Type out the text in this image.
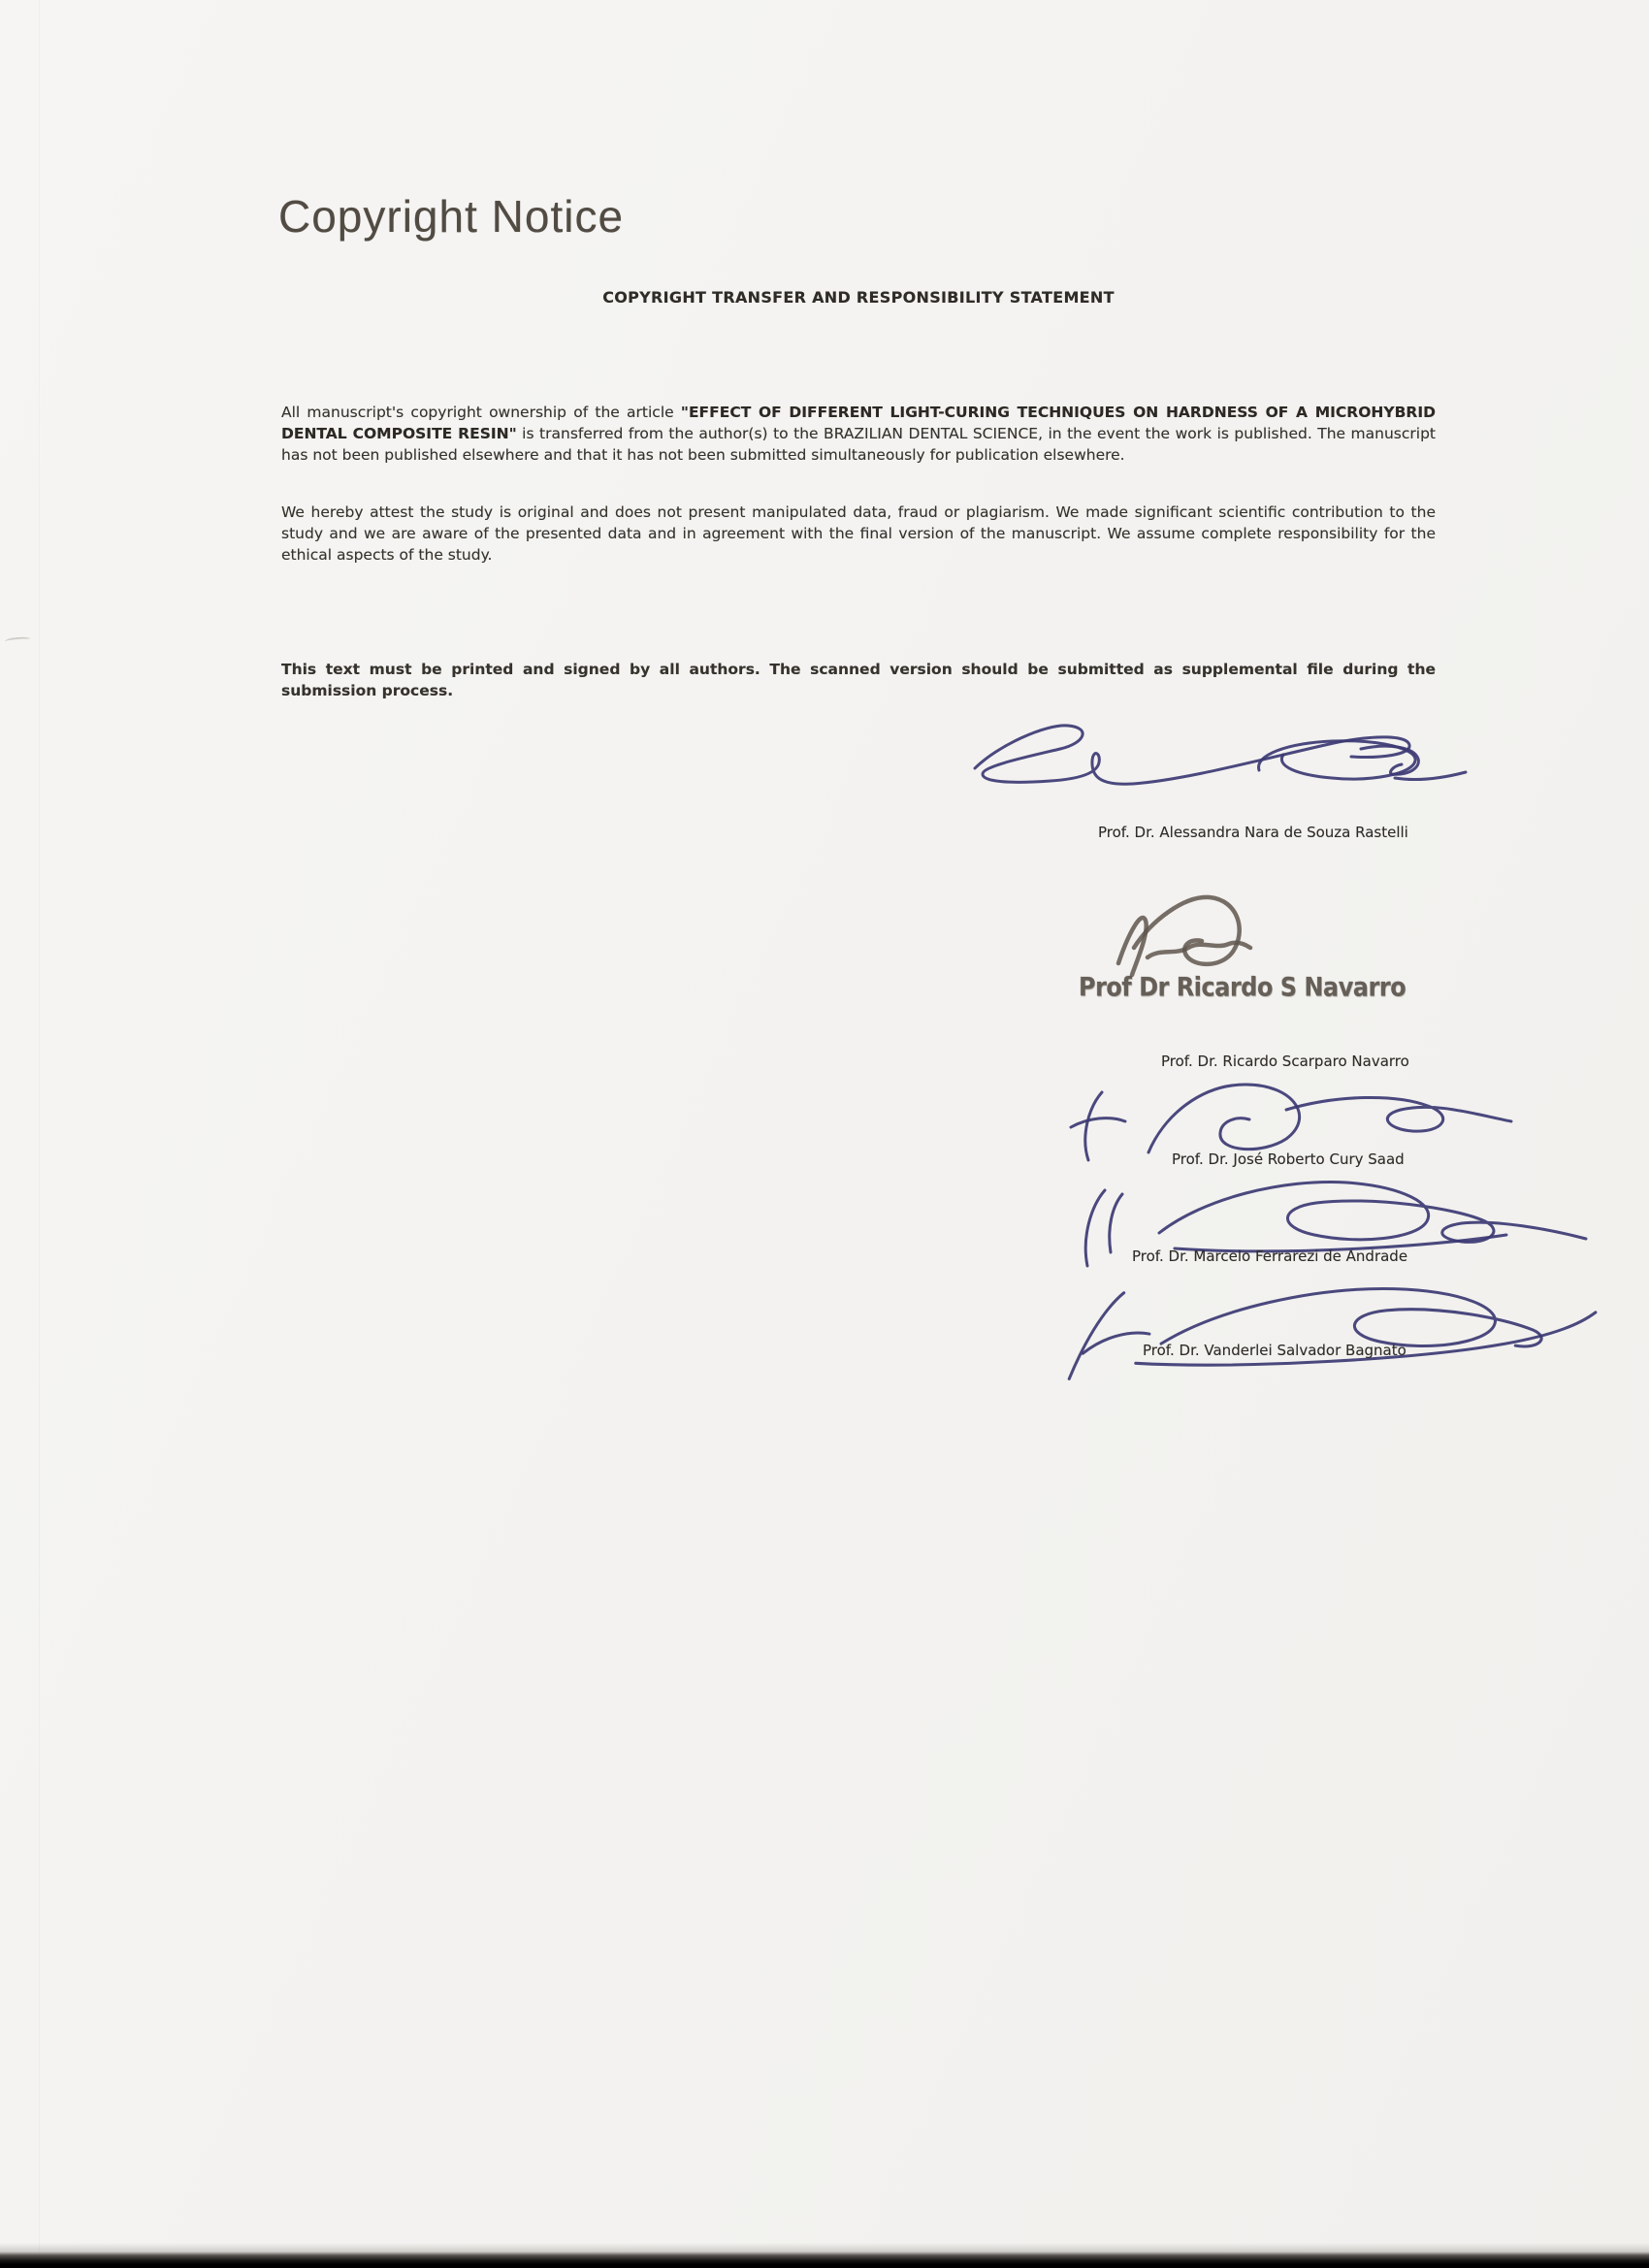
Copyright Notice
COPYRIGHT TRANSFER AND RESPONSIBILITY STATEMENT

All manuscript's copyright ownership of the article "EFFECT OF DIFFERENT LIGHT-CURING TECHNIQUES ON HARDNESS OF A MICROHYBRID DENTAL COMPOSITE RESIN" is transferred from the author(s) to the BRAZILIAN DENTAL SCIENCE, in the event the work is published. The manuscript has not been published elsewhere and that it has not been submitted simultaneously for publication elsewhere.

We hereby attest the study is original and does not present manipulated data, fraud or plagiarism. We made significant scientific contribution to the study and we are aware of the presented data and in agreement with the final version of the manuscript. We assume complete responsibility for the ethical aspects of the study.

This text must be printed and signed by all authors. The scanned version should be submitted as supplemental file during the submission process.

Prof. Dr. Alessandra Nara de Souza Rastelli
Prof Dr Ricardo S Navarro
Prof. Dr. Ricardo Scarparo Navarro
Prof. Dr. José Roberto Cury Saad
Prof. Dr. Marcelo Ferrarezi de Andrade
Prof. Dr. Vanderlei Salvador Bagnato
